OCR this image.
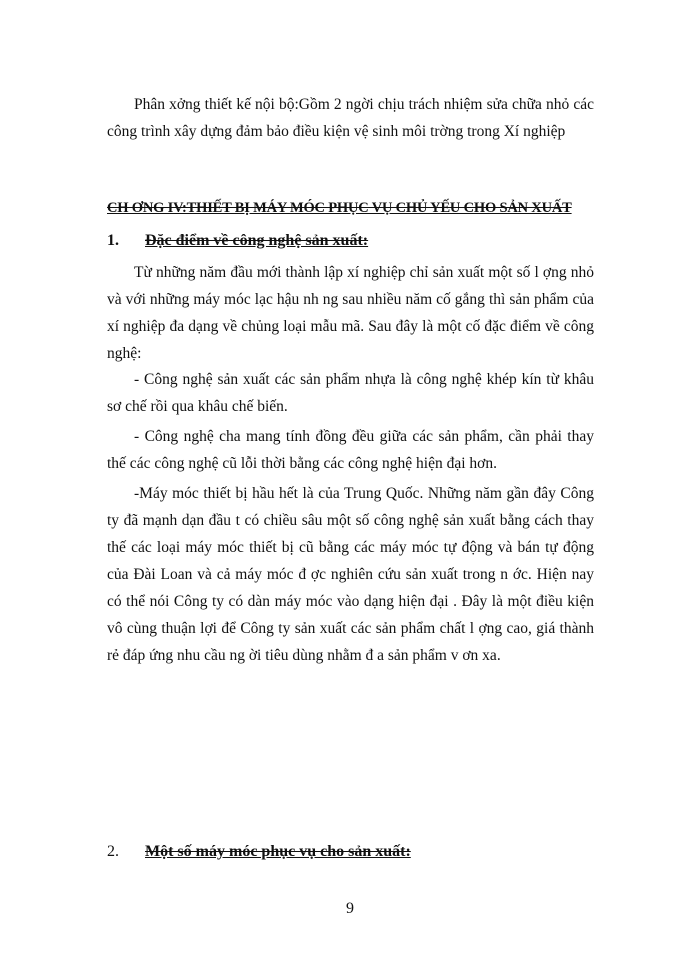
Phân xởng thiết kế nội bộ:Gồm 2 ngời chịu trách nhiệm sửa chữa nhỏ các công trình xây dựng đảm bảo điều kiện vệ sinh môi trờng trong Xí nghiệp

CH ƠNG IV:THIẾT BỊ MÁY MÓC PHỤC VỤ CHỦ YẾU CHO SẢN XUẤT
1. Đặc điểm về công nghệ sản xuất:

Từ những năm đầu mới thành lập xí nghiệp chỉ sản xuất một số l ợng nhỏ và với những máy móc lạc hậu nh ng sau nhiều năm cố gắng thì sản phẩm của xí nghiệp đa dạng về chủng loại mẫu mã. Sau đây là một cố đặc điểm về công nghệ:

- Công nghệ sản xuất các sản phẩm nhựa là công nghệ khép kín từ khâu sơ chế rồi qua khâu chế biến.

- Công nghệ cha mang tính đồng đều giữa các sản phẩm, cần phải thay thế các công nghệ cũ lỗi thời bằng các công nghệ hiện đại hơn.

-Máy móc thiết bị hầu hết là của Trung Quốc. Những năm gần đây Công ty đã mạnh dạn đầu t có chiều sâu một số công nghệ sản xuất bằng cách thay thế các loại máy móc thiết bị cũ bằng các máy móc tự động và bán tự động của Đài Loan và cả máy móc đ ợc nghiên cứu sản xuất trong n ớc. Hiện nay có thể nói Công ty có dàn máy móc vào dạng hiện đại . Đây là một điều kiện vô cùng thuận lợi để Công ty sản xuất các sản phẩm chất l ợng cao, giá thành rẻ đáp ứng nhu cầu ng ời tiêu dùng nhằm đ a sản phẩm v ơn xa.

2. Một số máy móc phục vụ cho sản xuất:
9
